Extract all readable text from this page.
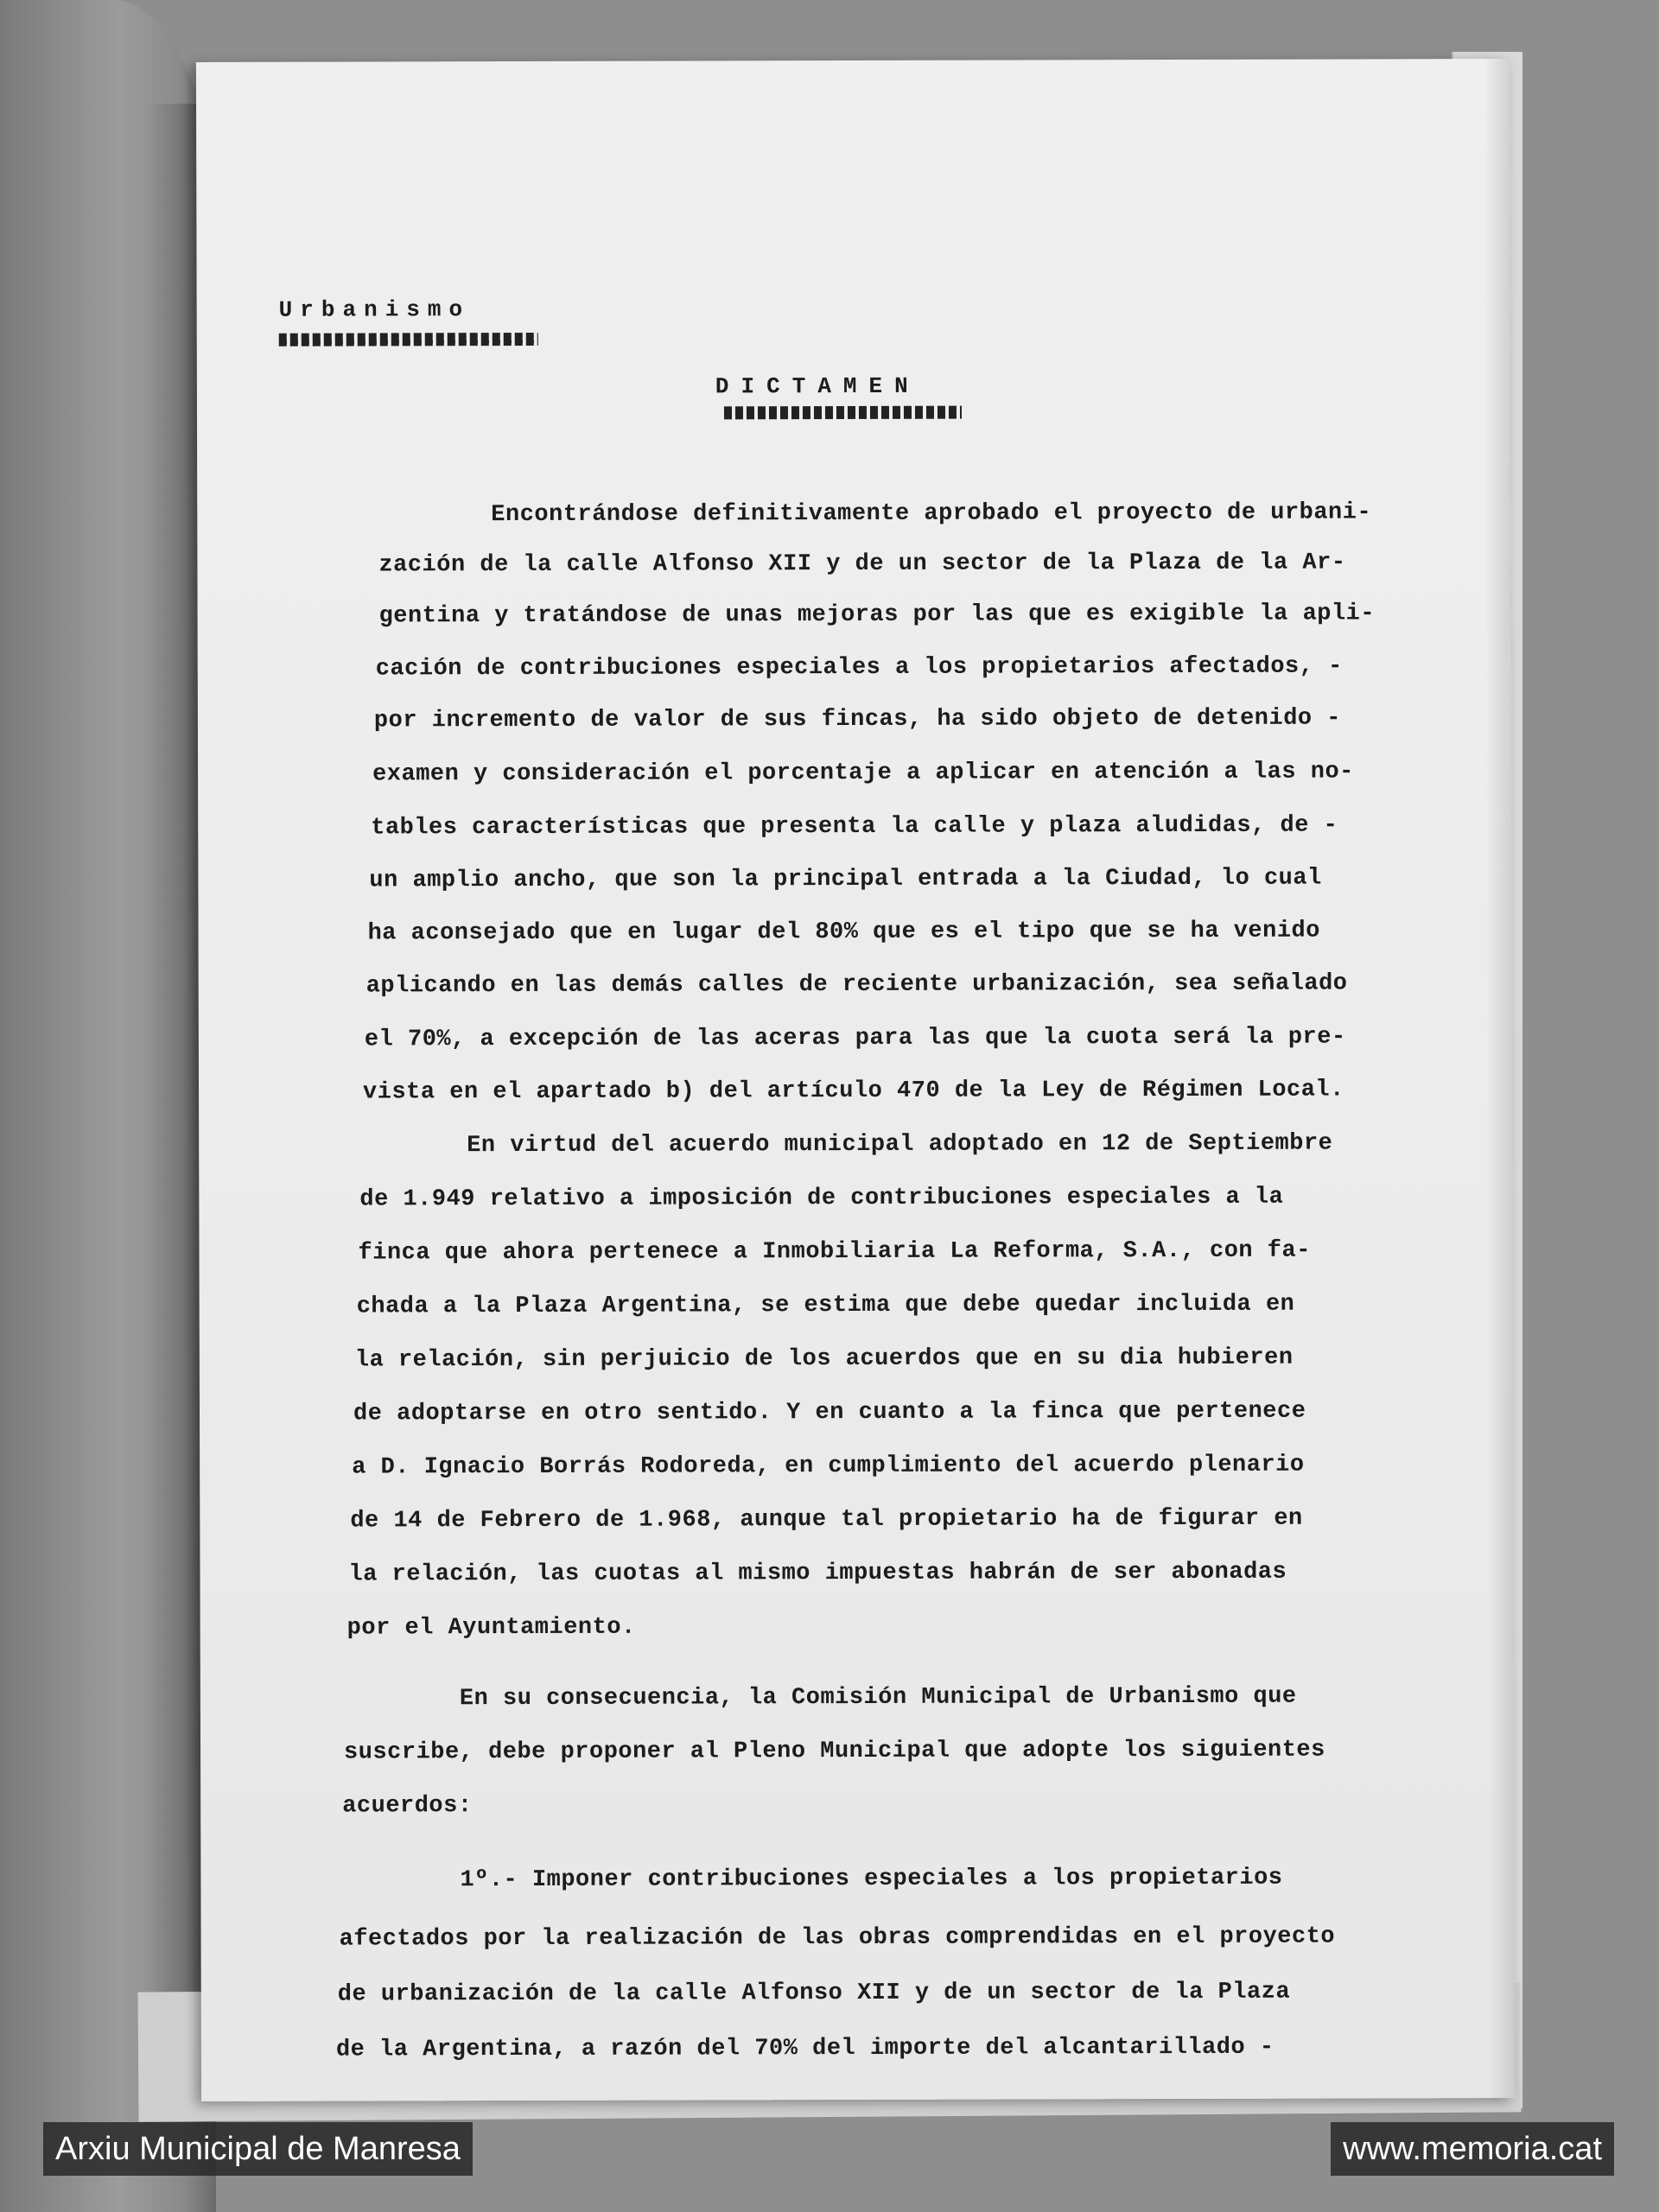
Urbanismo
DICTAMEN
Encontrándose definitivamente aprobado el proyecto de urbani-
zación de la calle Alfonso XII y de un sector de la Plaza de la Ar-
gentina y tratándose de unas mejoras por las que es exigible la apli-
cación de contribuciones especiales a los propietarios afectados, -
por incremento de valor de sus fincas, ha sido objeto de detenido -
examen y consideración el porcentaje a aplicar en atención a las no-
tables características que presenta la calle y plaza aludidas, de -
un amplio ancho, que son la principal entrada a la Ciudad, lo cual
ha aconsejado que en lugar del 80% que es el tipo que se ha venido
aplicando en las demás calles de reciente urbanización, sea señalado
el 70%, a excepción de las aceras para las que la cuota será la pre-
vista en el apartado b) del artículo 470 de la Ley de Régimen Local.
En virtud del acuerdo municipal adoptado en 12 de Septiembre
de 1.949 relativo a imposición de contribuciones especiales a la
finca que ahora pertenece a Inmobiliaria La Reforma, S.A., con fa-
chada a la Plaza Argentina, se estima que debe quedar incluida en
la relación, sin perjuicio de los acuerdos que en su dia hubieren
de adoptarse en otro sentido. Y en cuanto a la finca que pertenece
a D. Ignacio Borrás Rodoreda, en cumplimiento del acuerdo plenario
de 14 de Febrero de 1.968, aunque tal propietario ha de figurar en
la relación, las cuotas al mismo impuestas habrán de ser abonadas
por el Ayuntamiento.
En su consecuencia, la Comisión Municipal de Urbanismo que
suscribe, debe proponer al Pleno Municipal que adopte los siguientes
acuerdos:
1º.- Imponer contribuciones especiales a los propietarios
afectados por la realización de las obras comprendidas en el proyecto
de urbanización de la calle Alfonso XII y de un sector de la Plaza
de la Argentina, a razón del 70% del importe del alcantarillado -
Arxiu Municipal de Manresa	www.memoria.cat
